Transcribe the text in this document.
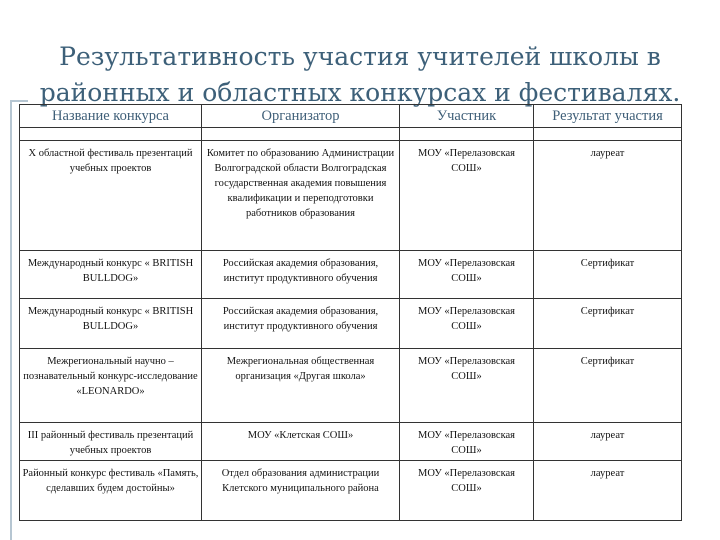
Результативность участия учителей школы в
районных и областных конкурсах и фестивалях.
Название конкурса	Организатор	Участник	Результат участия

X областной фестиваль презентаций учебных проектов	Комитет по образованию Администрации Волгоградской области Волгоградская государственная академия повышения квалификации и переподготовки работников образования	МОУ «Перелазовская СОШ»	лауреат
Международный конкурс « BRITISH BULLDOG»	Российская академия образования, институт продуктивного обучения	МОУ «Перелазовская СОШ»	Сертификат
Международный конкурс « BRITISH BULLDOG»	Российская академия образования, институт продуктивного обучения	МОУ «Перелазовская СОШ»	Сертификат
Межрегиональный научно – познавательный конкурс-исследование «LEONARDO»	Межрегиональная общественная организация «Другая школа»	МОУ «Перелазовская СОШ»	Сертификат
III районный фестиваль презентаций учебных проектов	МОУ «Клетская СОШ»	МОУ «Перелазовская СОШ»	лауреат
Районный конкурс фестиваль «Память, сделавших будем достойны»	Отдел образования администрации Клетского муниципального района	МОУ «Перелазовская СОШ»	лауреат
